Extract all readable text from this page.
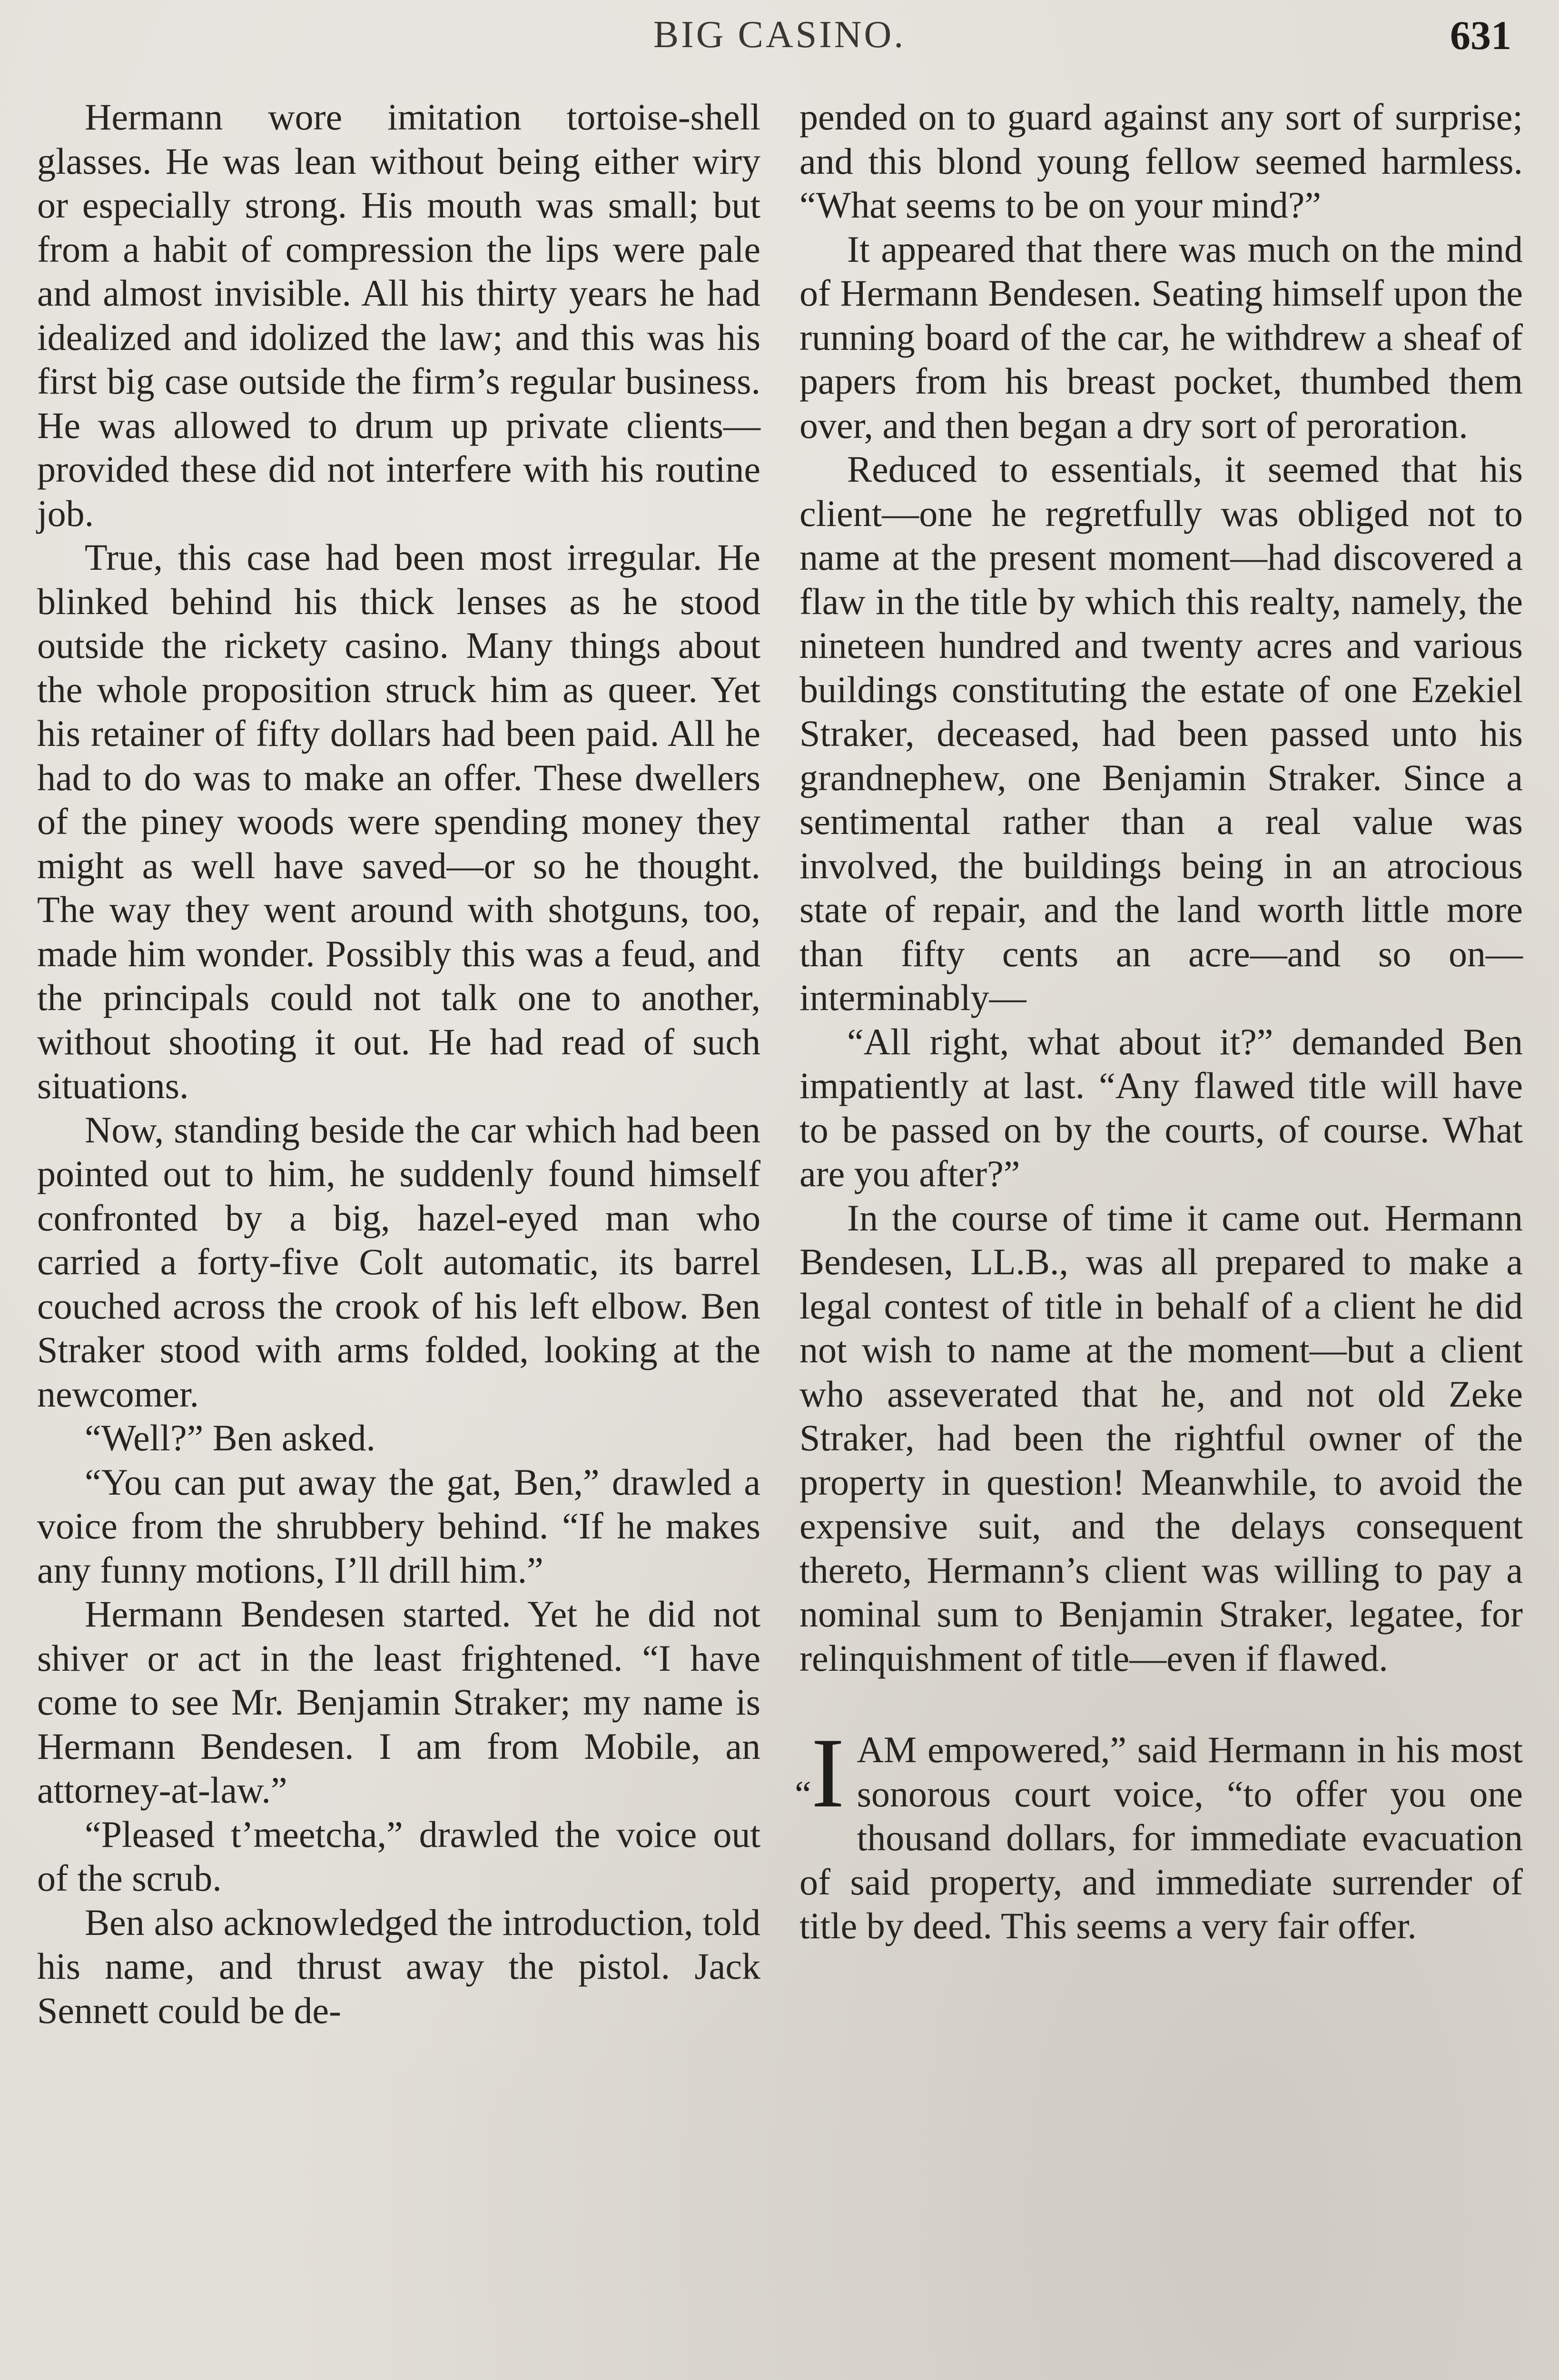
BIG CASINO.	631

Hermann wore imitation tortoise-shell glasses. He was lean without being either wiry or especially strong. His mouth was small; but from a habit of compression the lips were pale and almost invisible. All his thirty years he had idealized and idolized the law; and this was his first big case outside the firm’s regular business. He was allowed to drum up private clients—provided these did not interfere with his routine job.

True, this case had been most irregular. He blinked behind his thick lenses as he stood outside the rickety casino. Many things about the whole proposition struck him as queer. Yet his retainer of fifty dollars had been paid. All he had to do was to make an offer. These dwellers of the piney woods were spending money they might as well have saved—or so he thought. The way they went around with shotguns, too, made him wonder. Possibly this was a feud, and the principals could not talk one to another, without shooting it out. He had read of such situations.

Now, standing beside the car which had been pointed out to him, he suddenly found himself confronted by a big, hazel-eyed man who carried a forty-five Colt automatic, its barrel couched across the crook of his left elbow. Ben Straker stood with arms folded, looking at the newcomer.

“Well?” Ben asked.

“You can put away the gat, Ben,” drawled a voice from the shrubbery behind. “If he makes any funny motions, I’ll drill him.”

Hermann Bendesen started. Yet he did not shiver or act in the least frightened. “I have come to see Mr. Benjamin Straker; my name is Hermann Bendesen. I am from Mobile, an attorney-at-law.”

“Pleased t’meetcha,” drawled the voice out of the scrub.

Ben also acknowledged the introduction, told his name, and thrust away the pistol. Jack Sennett could be de-

pended on to guard against any sort of surprise; and this blond young fellow seemed harmless. “What seems to be on your mind?”

It appeared that there was much on the mind of Hermann Bendesen. Seating himself upon the running board of the car, he withdrew a sheaf of papers from his breast pocket, thumbed them over, and then began a dry sort of peroration.

Reduced to essentials, it seemed that his client—one he regretfully was obliged not to name at the present moment—had discovered a flaw in the title by which this realty, namely, the nineteen hundred and twenty acres and various buildings constituting the estate of one Ezekiel Straker, deceased, had been passed unto his grandnephew, one Benjamin Straker. Since a sentimental rather than a real value was involved, the buildings being in an atrocious state of repair, and the land worth little more than fifty cents an acre—and so on—interminably—

“All right, what about it?” demanded Ben impatiently at last. “Any flawed title will have to be passed on by the courts, of course. What are you after?”

In the course of time it came out. Hermann Bendesen, LL.B., was all prepared to make a legal contest of title in behalf of a client he did not wish to name at the moment—but a client who asseverated that he, and not old Zeke Straker, had been the rightful owner of the property in question! Meanwhile, to avoid the expensive suit, and the delays consequent thereto, Hermann’s client was willing to pay a nominal sum to Benjamin Straker, legatee, for relinquishment of title—even if flawed.

“I AM empowered,” said Hermann in his most sonorous court voice, “to offer you one thousand dollars, for immediate evacuation of said property, and immediate surrender of title by deed. This seems a very fair offer.
